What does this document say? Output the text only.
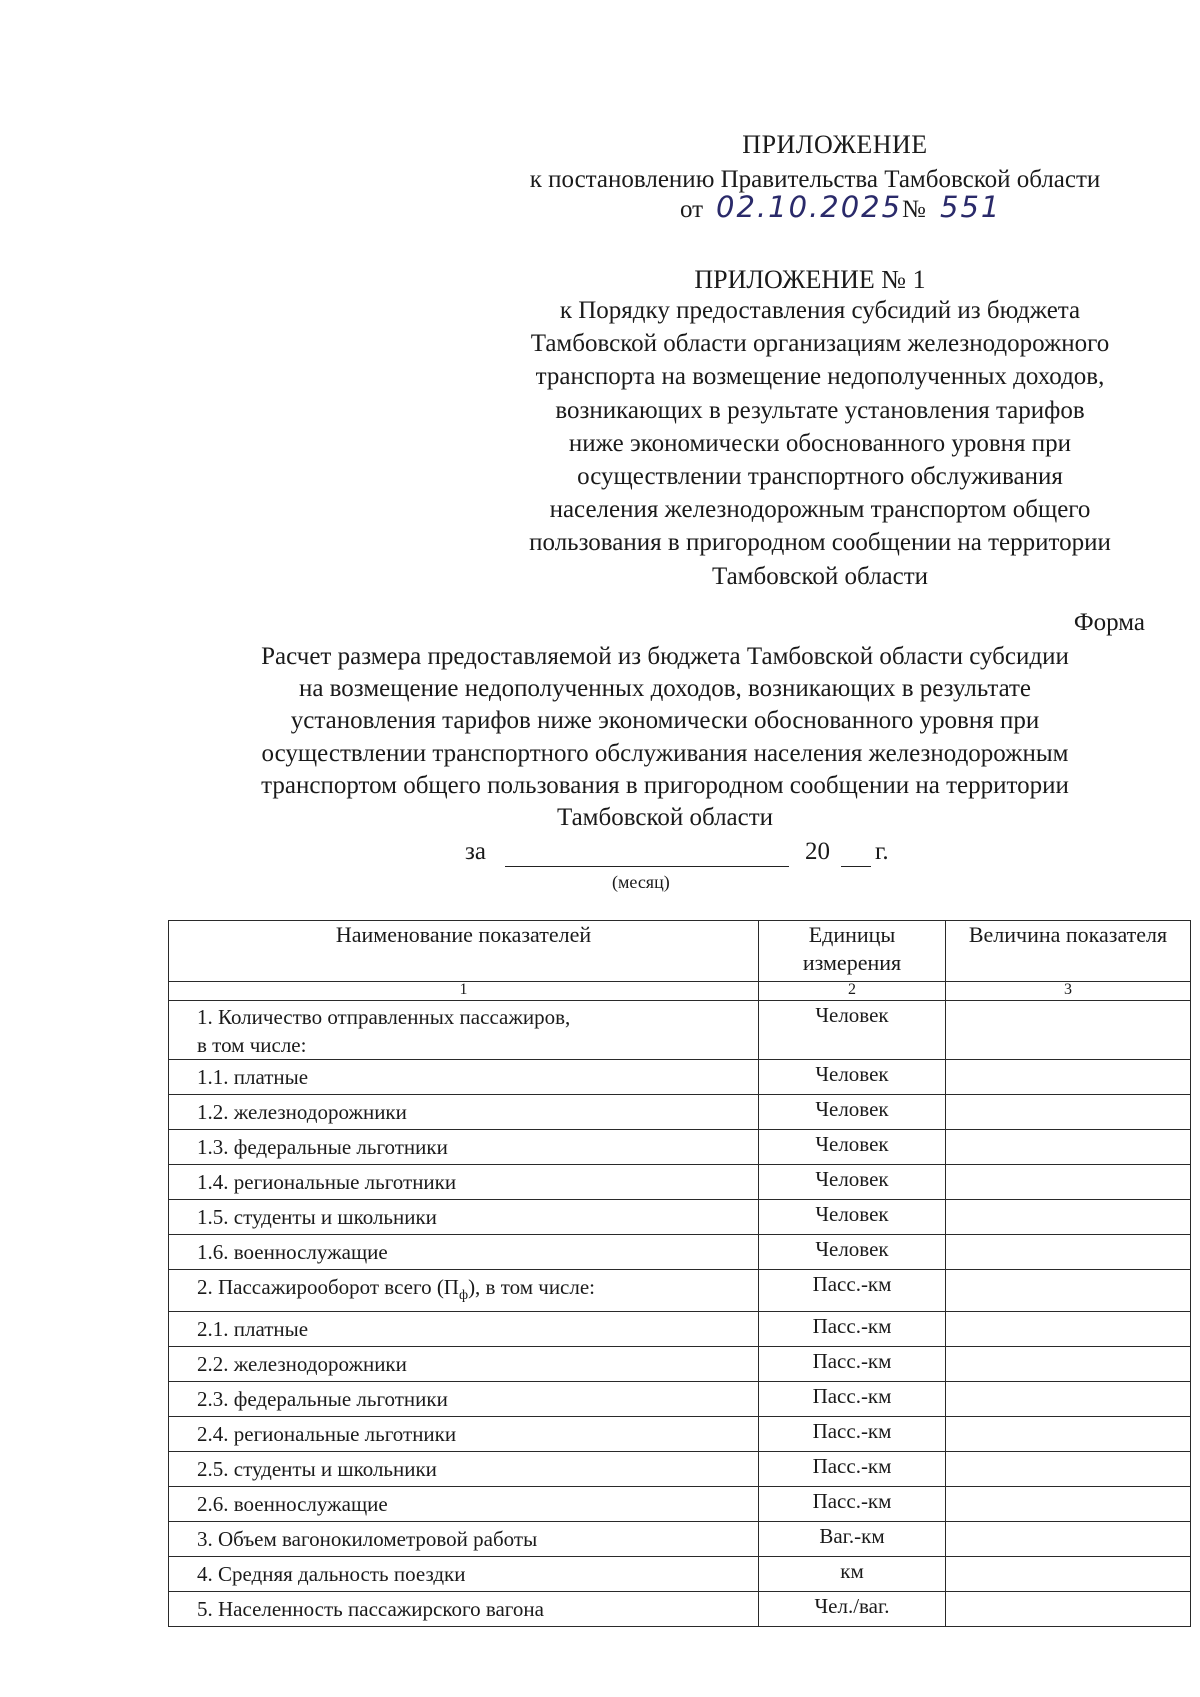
ПРИЛОЖЕНИЕ
к постановлению Правительства Тамбовской области
от 02.10.2025 № 551
ПРИЛОЖЕНИЕ № 1
к Порядку предоставления субсидий из бюджета
Тамбовской области организациям железнодорожного
транспорта на возмещение недополученных доходов,
возникающих в результате установления тарифов
ниже экономически обоснованного уровня при
осуществлении транспортного обслуживания
населения железнодорожным транспортом общего
пользования в пригородном сообщении на территории
Тамбовской области
Форма
Расчет размера предоставляемой из бюджета Тамбовской области субсидии
на возмещение недополученных доходов, возникающих в результате
установления тарифов ниже экономически обоснованного уровня при
осуществлении транспортного обслуживания населения железнодорожным
транспортом общего пользования в пригородном сообщении на территории
Тамбовской области
за	20 г.
(месяц)
Наименование показателей	Единицы измерения	Величина показателя
1	2	3
1. Количество отправленных пассажиров,
в том числе:	Человек	
1.1. платные	Человек	
1.2. железнодорожники	Человек	
1.3. федеральные льготники	Человек	
1.4. региональные льготники	Человек	
1.5. студенты и школьники	Человек	
1.6. военнослужащие	Человек	
2. Пассажирооборот всего $(П_ф)$, в том числе:	Пасс.-км	
2.1. платные	Пасс.-км	
2.2. железнодорожники	Пасс.-км	
2.3. федеральные льготники	Пасс.-км	
2.4. региональные льготники	Пасс.-км	
2.5. студенты и школьники	Пасс.-км	
2.6. военнослужащие	Пасс.-км	
3. Объем вагонокилометровой работы	Ваг.-км	
4. Средняя дальность поездки	км	
5. Населенность пассажирского вагона	Чел./ваг.	
